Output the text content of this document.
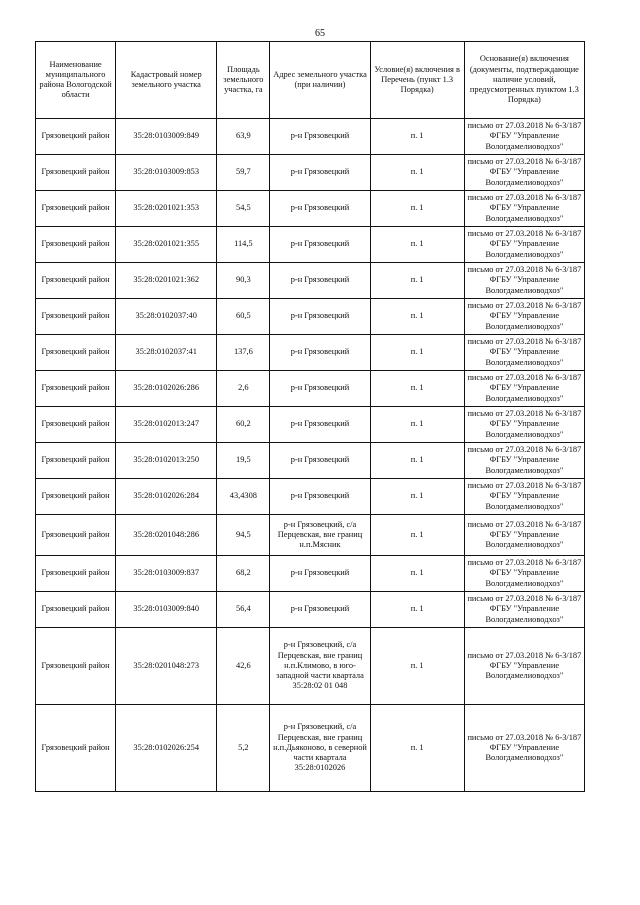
65
Наименование муниципального района Вологодской области	Кадастровый номер земельного участка	Площадь земельного участка, га	Адрес земельного участка (при наличии)	Условие(я) включения в Перечень (пункт 1.3 Порядка)	Основание(я) включения (документы, подтверждающие наличие условий, предусмотренных пунктом 1.3 Порядка)
Грязовецкий район	35:28:0103009:849	63,9	р-н Грязовецкий	п. 1	письмо от 27.03.2018 № 6-3/187 ФГБУ "Управление Вологдамелиоводхоз"
Грязовецкий район	35:28:0103009:853	59,7	р-н Грязовецкий	п. 1	письмо от 27.03.2018 № 6-3/187 ФГБУ "Управление Вологдамелиоводхоз"
Грязовецкий район	35:28:0201021:353	54,5	р-н Грязовецкий	п. 1	письмо от 27.03.2018 № 6-3/187 ФГБУ "Управление Вологдамелиоводхоз"
Грязовецкий район	35:28:0201021:355	114,5	р-н Грязовецкий	п. 1	письмо от 27.03.2018 № 6-3/187 ФГБУ "Управление Вологдамелиоводхоз"
Грязовецкий район	35:28:0201021:362	90,3	р-н Грязовецкий	п. 1	письмо от 27.03.2018 № 6-3/187 ФГБУ "Управление Вологдамелиоводхоз"
Грязовецкий район	35:28:0102037:40	60,5	р-н Грязовецкий	п. 1	письмо от 27.03.2018 № 6-3/187 ФГБУ "Управление Вологдамелиоводхоз"
Грязовецкий район	35:28:0102037:41	137,6	р-н Грязовецкий	п. 1	письмо от 27.03.2018 № 6-3/187 ФГБУ "Управление Вологдамелиоводхоз"
Грязовецкий район	35:28:0102026:286	2,6	р-н Грязовецкий	п. 1	письмо от 27.03.2018 № 6-3/187 ФГБУ "Управление Вологдамелиоводхоз"
Грязовецкий район	35:28:0102013:247	60,2	р-н Грязовецкий	п. 1	письмо от 27.03.2018 № 6-3/187 ФГБУ "Управление Вологдамелиоводхоз"
Грязовецкий район	35:28:0102013:250	19,5	р-н Грязовецкий	п. 1	письмо от 27.03.2018 № 6-3/187 ФГБУ "Управление Вологдамелиоводхоз"
Грязовецкий район	35:28:0102026:284	43,4308	р-н Грязовецкий	п. 1	письмо от 27.03.2018 № 6-3/187 ФГБУ "Управление Вологдамелиоводхоз"
Грязовецкий район	35:28:0201048:286	94,5	р-н Грязовецкий, с/а Перцевская, вне границ н.п.Мясник	п. 1	письмо от 27.03.2018 № 6-3/187 ФГБУ "Управление Вологдамелиоводхоз"
Грязовецкий район	35:28:0103009:837	68,2	р-н Грязовецкий	п. 1	письмо от 27.03.2018 № 6-3/187 ФГБУ "Управление Вологдамелиоводхоз"
Грязовецкий район	35:28:0103009:840	56,4	р-н Грязовецкий	п. 1	письмо от 27.03.2018 № 6-3/187 ФГБУ "Управление Вологдамелиоводхоз"
Грязовецкий район	35:28:0201048:273	42,6	р-н Грязовецкий, с/а Перцевская, вне границ н.п.Климово, в юго-западной части квартала 35:28:02 01 048	п. 1	письмо от 27.03.2018 № 6-3/187 ФГБУ "Управление Вологдамелиоводхоз"
Грязовецкий район	35:28:0102026:254	5,2	р-н Грязовецкий, с/а Перцевская, вне границ н.п.Дьяконово, в северной части квартала 35:28:0102026	п. 1	письмо от 27.03.2018 № 6-3/187 ФГБУ "Управление Вологдамелиоводхоз"
